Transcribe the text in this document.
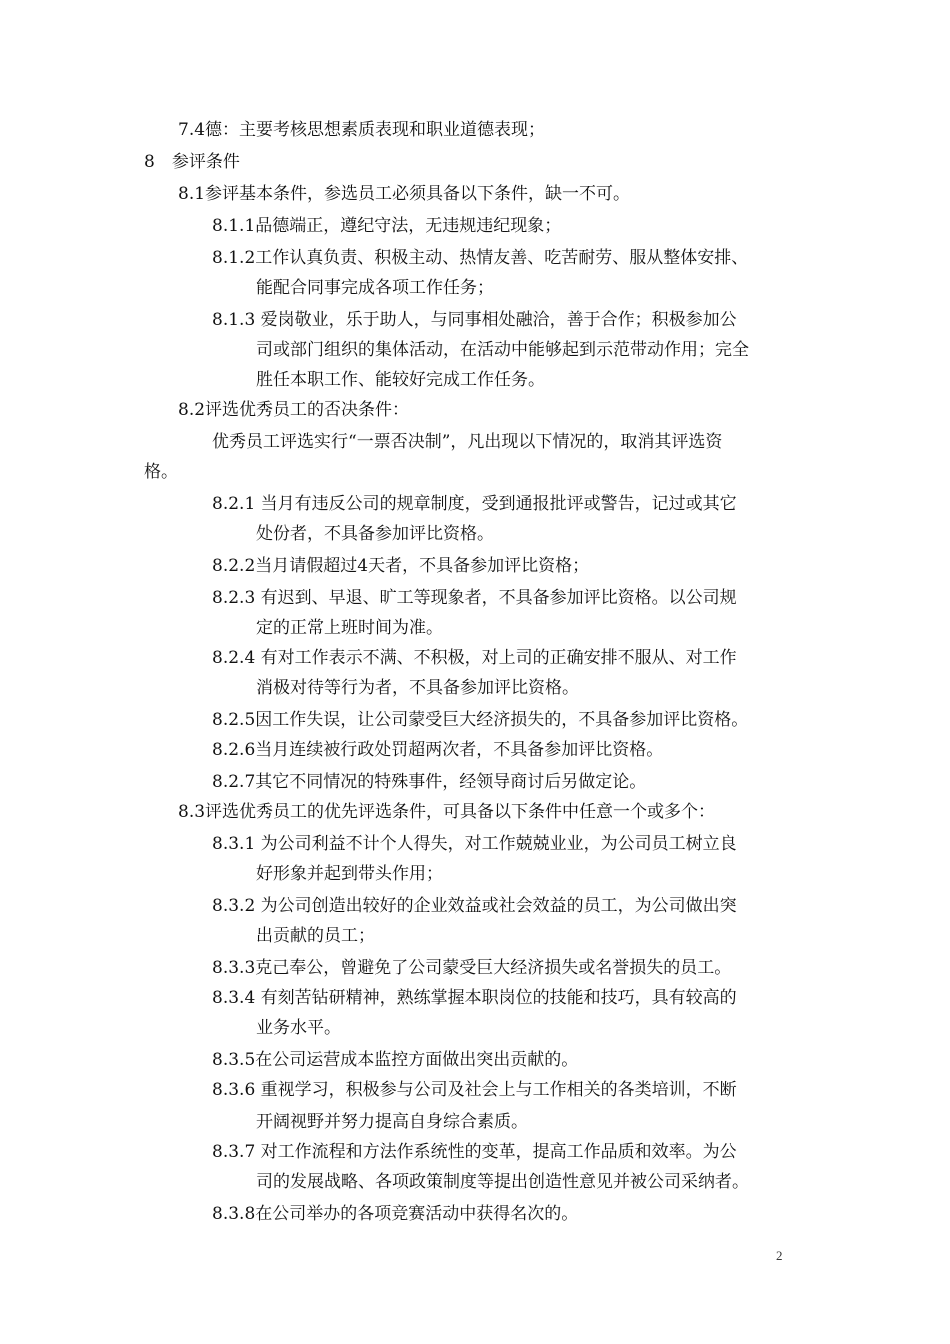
7.4德：主要考核思想素质表现和职业道德表现；
8　参评条件
8.1参评基本条件，参选员工必须具备以下条件，缺一不可。
8.1.1品德端正，遵纪守法，无违规违纪现象；
8.1.2工作认真负责、积极主动、热情友善、吃苦耐劳、服从整体安排、
能配合同事完成各项工作任务；
8.1.3 爱岗敬业，乐于助人，与同事相处融洽，善于合作；积极参加公
司或部门组织的集体活动，在活动中能够起到示范带动作用；完全
胜任本职工作、能较好完成工作任务。
8.2评选优秀员工的否决条件：
优秀员工评选实行“一票否决制”，凡出现以下情况的，取消其评选资
格。
8.2.1 当月有违反公司的规章制度，受到通报批评或警告，记过或其它
处份者，不具备参加评比资格。
8.2.2当月请假超过4天者，不具备参加评比资格；
8.2.3 有迟到、早退、旷工等现象者，不具备参加评比资格。以公司规
定的正常上班时间为准。
8.2.4 有对工作表示不满、不积极，对上司的正确安排不服从、对工作
消极对待等行为者，不具备参加评比资格。
8.2.5因工作失误，让公司蒙受巨大经济损失的，不具备参加评比资格。
8.2.6当月连续被行政处罚超两次者，不具备参加评比资格。
8.2.7其它不同情况的特殊事件，经领导商讨后另做定论。
8.3评选优秀员工的优先评选条件，可具备以下条件中任意一个或多个：
8.3.1 为公司利益不计个人得失，对工作兢兢业业，为公司员工树立良
好形象并起到带头作用；
8.3.2 为公司创造出较好的企业效益或社会效益的员工，为公司做出突
出贡献的员工；
8.3.3克己奉公，曾避免了公司蒙受巨大经济损失或名誉损失的员工。
8.3.4 有刻苦钻研精神，熟练掌握本职岗位的技能和技巧，具有较高的
业务水平。
8.3.5在公司运营成本监控方面做出突出贡献的。
8.3.6 重视学习，积极参与公司及社会上与工作相关的各类培训，不断
开阔视野并努力提高自身综合素质。
8.3.7 对工作流程和方法作系统性的变革，提高工作品质和效率。为公
司的发展战略、各项政策制度等提出创造性意见并被公司采纳者。
8.3.8在公司举办的各项竞赛活动中获得名次的。
2
